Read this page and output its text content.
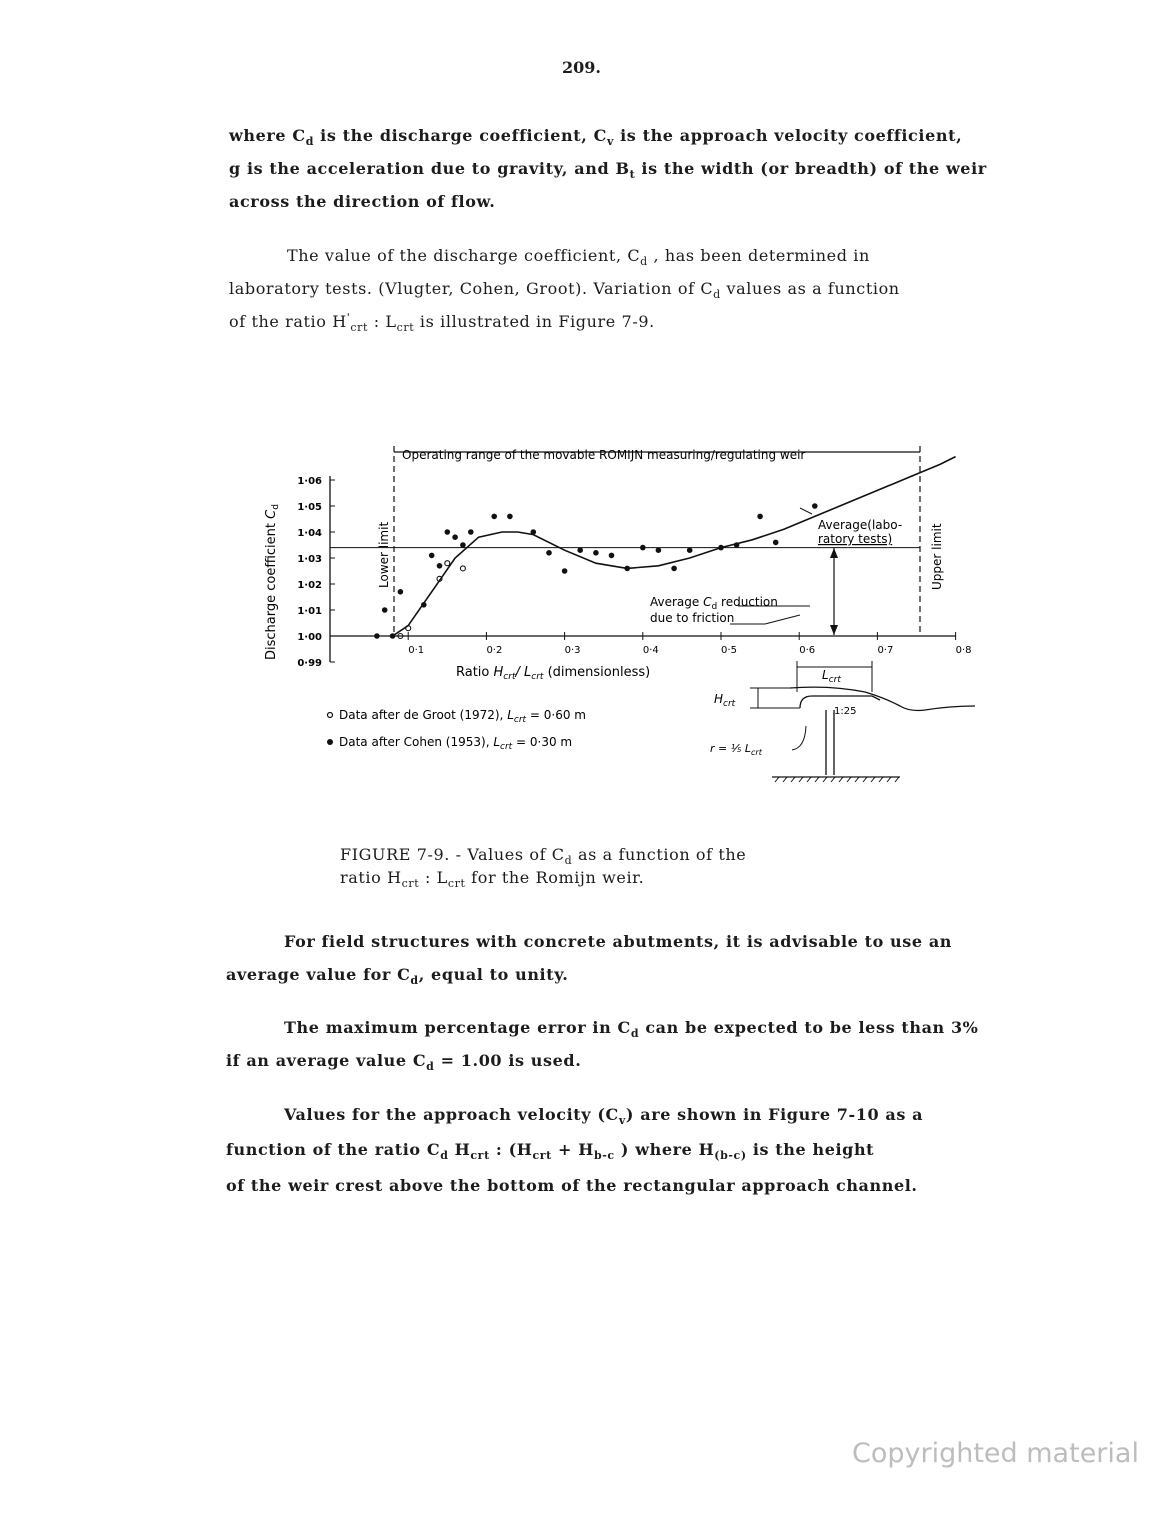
209.
where $C_d$ is the discharge coefficient, $C_v$ is the approach velocity coefficient,
g is the acceleration due to gravity, and $B_t$ is the width (or breadth) of the weir
across the direction of flow.
The value of the discharge coefficient, $C_d$ , has been determined in
laboratory tests. (Vlugter, Cohen, Groot). Variation of $C_d$ values as a function
of the ratio $H'_{crt}$ : $L_{crt}$ is illustrated in Figure 7-9.
1·06
1·05
1·04
1·03
1·02
1·01
1·00
0·99
0·1	0·2	0·3	0·4	0·5	0·6	0·7	0·8
Operating range of the movable ROMIJN measuring/regulating weir
Lower limit	Upper limit
Discharge coefficient $C_d$
Ratio $H_{crt}/$ $L_{crt}$ (dimensionless)
Average(labo-
ratory tests)
Average $C_d$ reduction
due to friction
Data after de Groot (1972), $L_{crt} = 0\cdot 60$ m
Data after Cohen (1953), $L_{crt} = 0\cdot 30$ m
$L_{crt}$
$H_{crt}$
1:25
r = ⅕ $L_{crt}$
FIGURE 7-9. - Values of $C_d$ as a function of the
ratio $H_{crt}$ : $L_{crt}$ for the Romijn weir.
For field structures with concrete abutments, it is advisable to use an
average value for $C_d$, equal to unity.
The maximum percentage error in $C_d$ can be expected to be less than 3%
if an average value $C_d = 1.00$ is used.
Values for the approach velocity $(C_v)$ are shown in Figure 7-10 as a
function of the ratio $C_d$ $H_{crt}$ : ($H_{crt} + H_{b-c}$ ) where $H_{(b-c)}$ is the height
of the weir crest above the bottom of the rectangular approach channel.
Copyrighted material
